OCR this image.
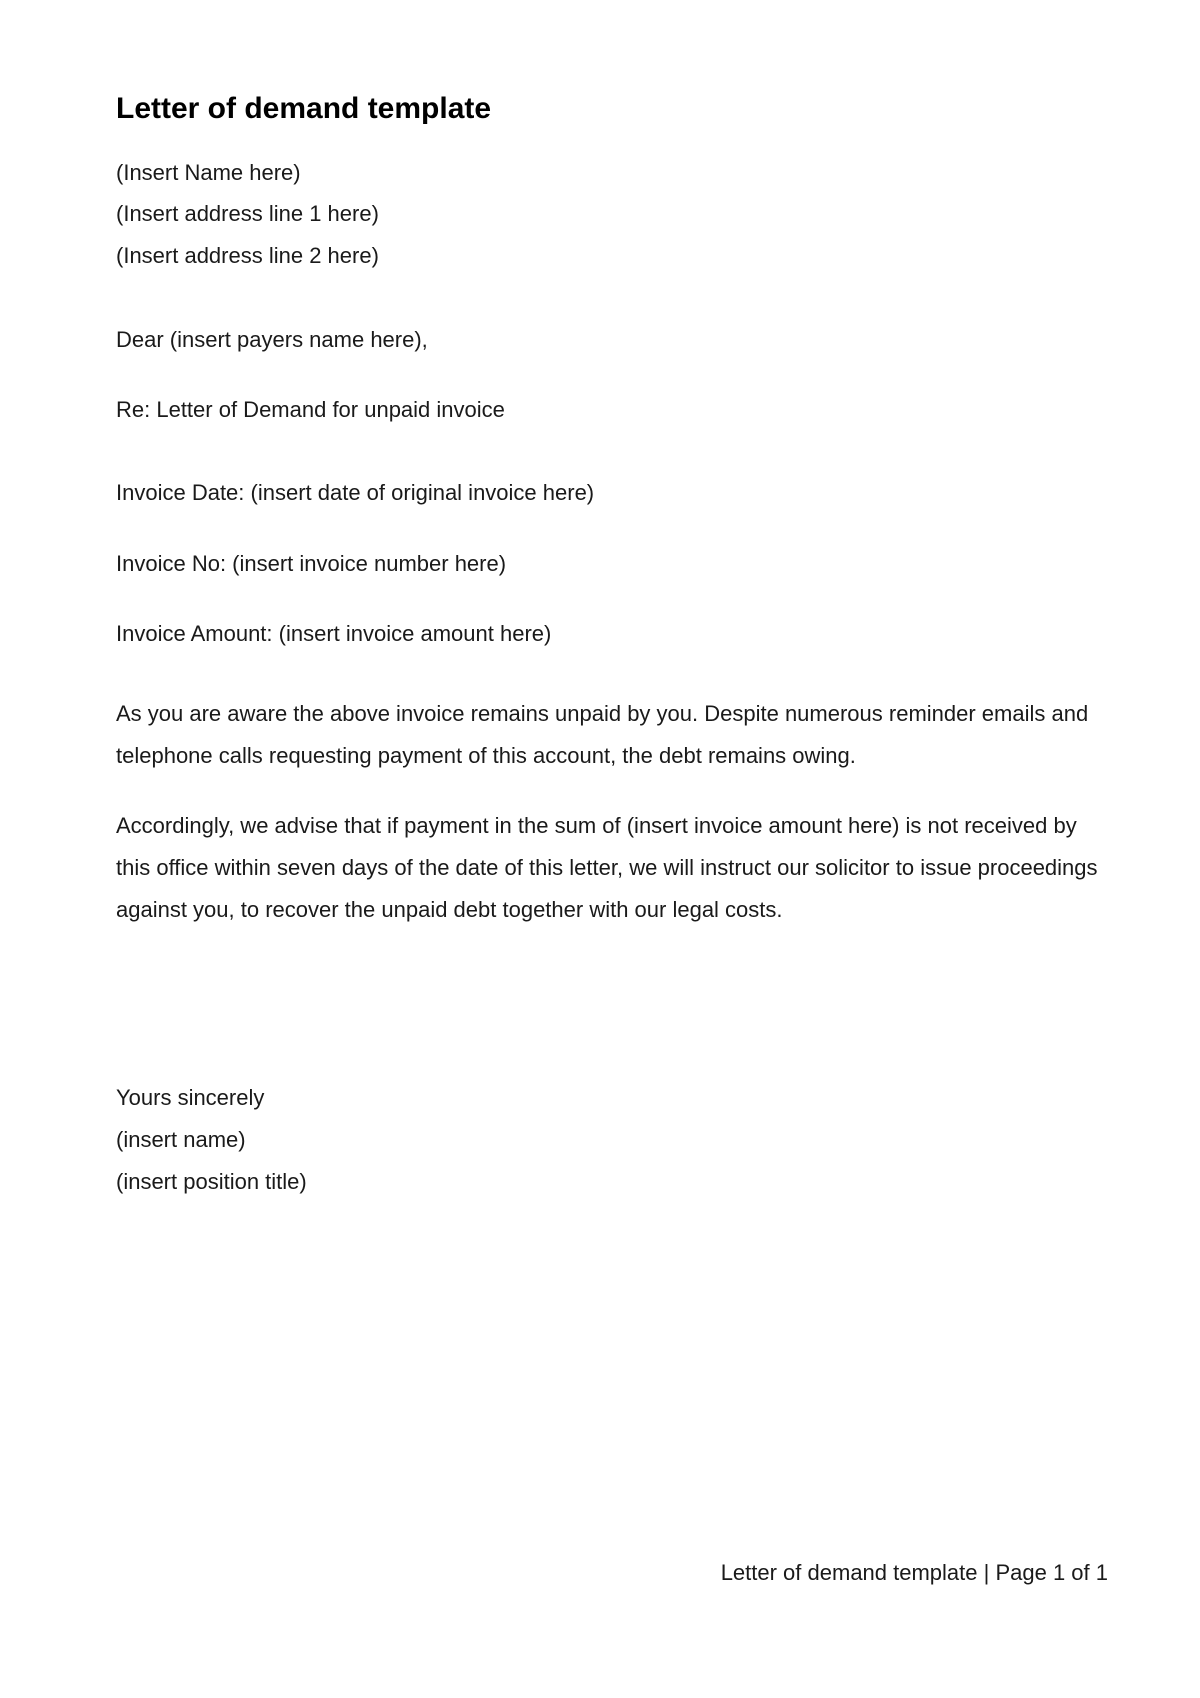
Letter of demand template
(Insert Name here)
(Insert address line 1 here)
(Insert address line 2 here)
Dear (insert payers name here),
Re: Letter of Demand for unpaid invoice
Invoice Date: (insert date of original invoice here)
Invoice No: (insert invoice number here)
Invoice Amount: (insert invoice amount here)

As you are aware the above invoice remains unpaid by you. Despite numerous reminder emails and telephone calls requesting payment of this account, the debt remains owing.

Accordingly, we advise that if payment in the sum of (insert invoice amount here) is not received by this office within seven days of the date of this letter, we will instruct our solicitor to issue proceedings against you, to recover the unpaid debt together with our legal costs.

Yours sincerely
(insert name)
(insert position title)
Letter of demand template | Page 1 of 1
